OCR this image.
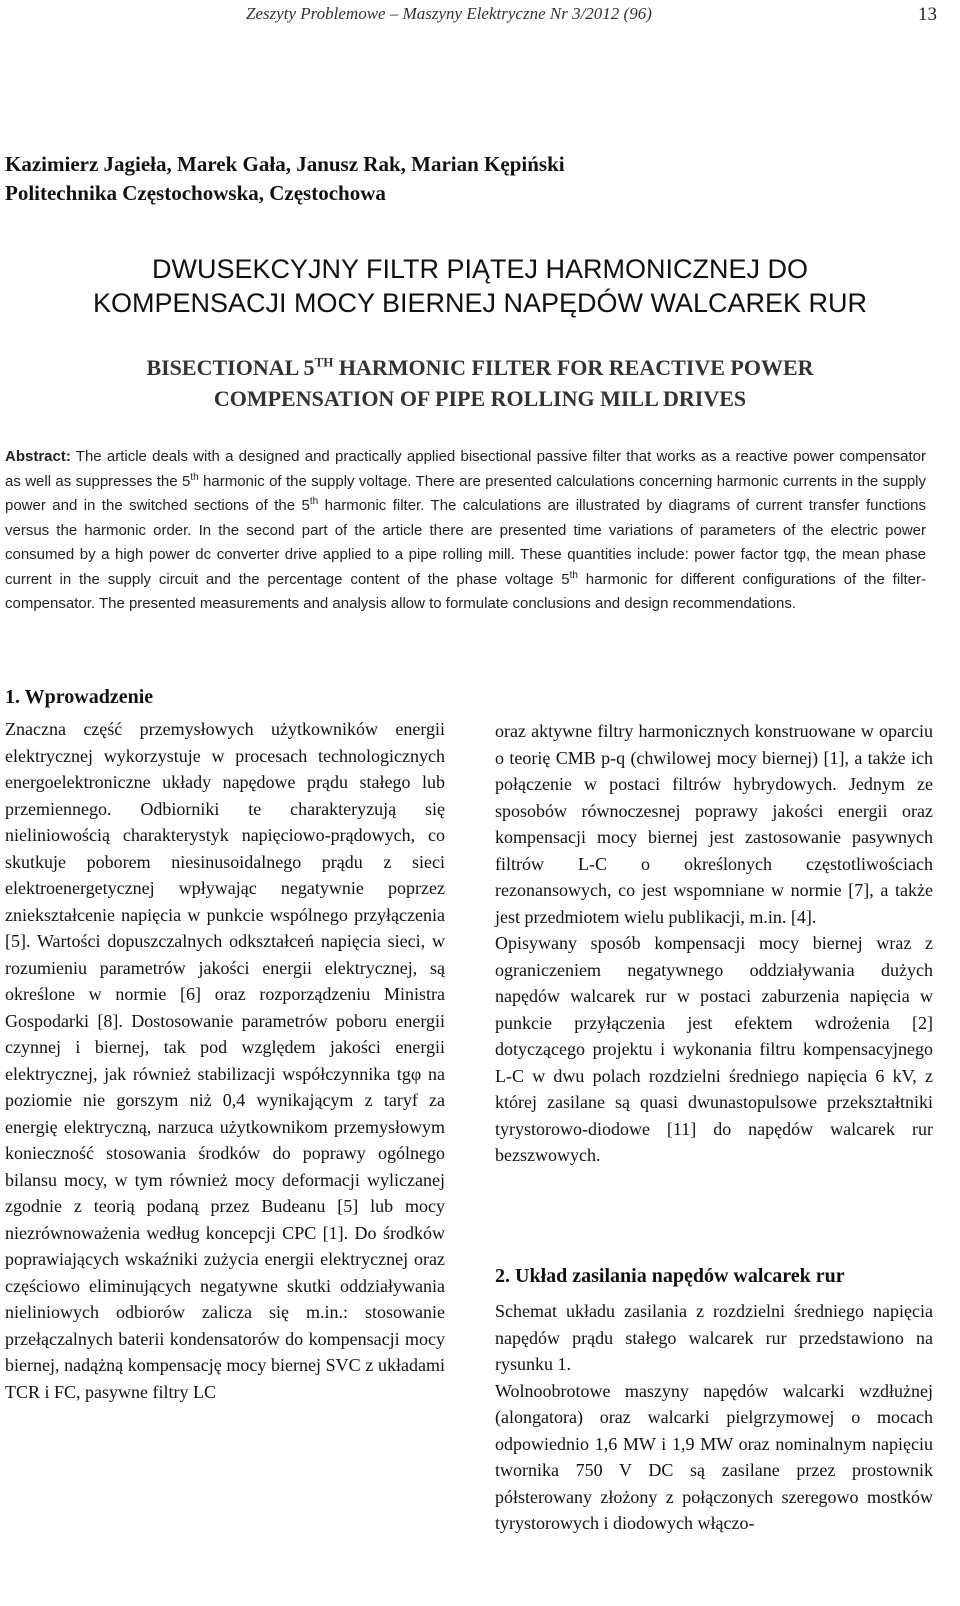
Zeszyty Problemowe – Maszyny Elektryczne Nr 3/2012 (96)	13
Kazimierz Jagieła, Marek Gała, Janusz Rak, Marian Kępiński
Politechnika Częstochowska, Częstochowa
DWUSEKCYJNY FILTR PIĄTEJ HARMONICZNEJ DO
KOMPENSACJI MOCY BIERNEJ NAPĘDÓW WALCAREK RUR
BISECTIONAL 5TH HARMONIC FILTER FOR REACTIVE POWER
COMPENSATION OF PIPE ROLLING MILL DRIVES
Abstract: The article deals with a designed and practically applied bisectional passive filter that works as a reactive power compensator as well as suppresses the 5th harmonic of the supply voltage. There are presented calculations concerning harmonic currents in the supply power and in the switched sections of the 5th harmonic filter. The calculations are illustrated by diagrams of current transfer functions versus the harmonic order. In the second part of the article there are presented time variations of parameters of the electric power consumed by a high power dc converter drive applied to a pipe rolling mill. These quantities include: power factor tgφ, the mean phase current in the supply circuit and the percentage content of the phase voltage 5th harmonic for different configurations of the filter-compensator. The presented measurements and analysis allow to formulate conclusions and design recommendations.
1. Wprowadzenie

Znaczna część przemysłowych użytkowników energii elektrycznej wykorzystuje w procesach technologicznych energoelektroniczne układy napędowe prądu stałego lub przemiennego. Odbiorniki te charakteryzują się nieliniowością charakterystyk napięciowo-prądowych, co skutkuje poborem niesinusoidalnego prądu z sieci elektroenergetycznej wpływając negatywnie poprzez zniekształcenie napięcia w punkcie wspólnego przyłączenia [5]. Wartości dopuszczalnych odkształceń napięcia sieci, w rozumieniu parametrów jakości energii elektrycznej, są określone w normie [6] oraz rozporządzeniu Ministra Gospodarki [8]. Dostosowanie parametrów poboru energii czynnej i biernej, tak pod względem jakości energii elektrycznej, jak również stabilizacji współczynnika tgφ na poziomie nie gorszym niż 0,4 wynikającym z taryf za energię elektryczną, narzuca użytkownikom przemysłowym konieczność stosowania środków do poprawy ogólnego bilansu mocy, w tym również mocy deformacji wyliczanej zgodnie z teorią podaną przez Budeanu [5] lub mocy niezrównoważenia według koncepcji CPC [1]. Do środków poprawiających wskaźniki zużycia energii elektrycznej oraz częściowo eliminujących negatywne skutki oddziaływania nieliniowych odbiorów zalicza się m.in.: stosowanie przełączalnych baterii kondensatorów do kompensacji mocy biernej, nadążną kompensację mocy biernej SVC z układami TCR i FC, pasywne filtry LC

oraz aktywne filtry harmonicznych konstruowane w oparciu o teorię CMB p-q (chwilowej mocy biernej) [1], a także ich połączenie w postaci filtrów hybrydowych. Jednym ze sposobów równoczesnej poprawy jakości energii oraz kompensacji mocy biernej jest zastosowanie pasywnych filtrów L-C o określonych częstotliwościach rezonansowych, co jest wspomniane w normie [7], a także jest przedmiotem wielu publikacji, m.in. [4].

Opisywany sposób kompensacji mocy biernej wraz z ograniczeniem negatywnego oddziaływania dużych napędów walcarek rur w postaci zaburzenia napięcia w punkcie przyłączenia jest efektem wdrożenia [2] dotyczącego projektu i wykonania filtru kompensacyjnego L-C w dwu polach rozdzielni średniego napięcia 6 kV, z której zasilane są quasi dwunastopulsowe przekształtniki tyrystorowo-diodowe [11] do napędów walcarek rur bezszwowych.

2. Układ zasilania napędów walcarek rur

Schemat układu zasilania z rozdzielni średniego napięcia napędów prądu stałego walcarek rur przedstawiono na rysunku 1.

Wolnoobrotowe maszyny napędów walcarki wzdłużnej (alongatora) oraz walcarki pielgrzymowej o mocach odpowiednio 1,6 MW i 1,9 MW oraz nominalnym napięciu twornika 750 V DC są zasilane przez prostownik półsterowany złożony z połączonych szeregowo mostków tyrystorowych i diodowych włączo-
